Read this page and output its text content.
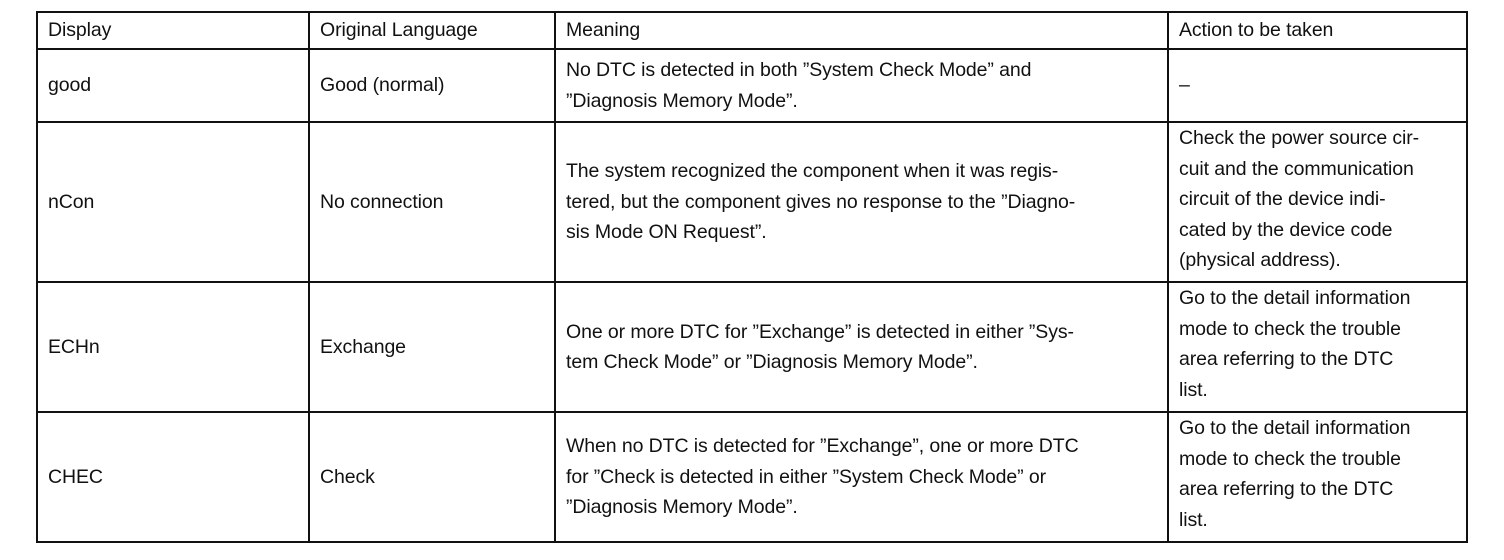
Display	Original Language	Meaning	Action to be taken
good	Good (normal)	No DTC is detected in both ”System Check Mode” and
”Diagnosis Memory Mode”.	–
nCon	No connection	The system recognized the component when it was regis-
tered, but the component gives no response to the ”Diagno-
sis Mode ON Request”.	Check the power source cir-
cuit and the communication
circuit of the device indi-
cated by the device code
(physical address).
ECHn	Exchange	One or more DTC for ”Exchange” is detected in either ”Sys-
tem Check Mode” or ”Diagnosis Memory Mode”.	Go to the detail information
mode to check the trouble
area referring to the DTC
list.
CHEC	Check	When no DTC is detected for ”Exchange”, one or more DTC
for ”Check is detected in either ”System Check Mode” or
”Diagnosis Memory Mode”.	Go to the detail information
mode to check the trouble
area referring to the DTC
list.
